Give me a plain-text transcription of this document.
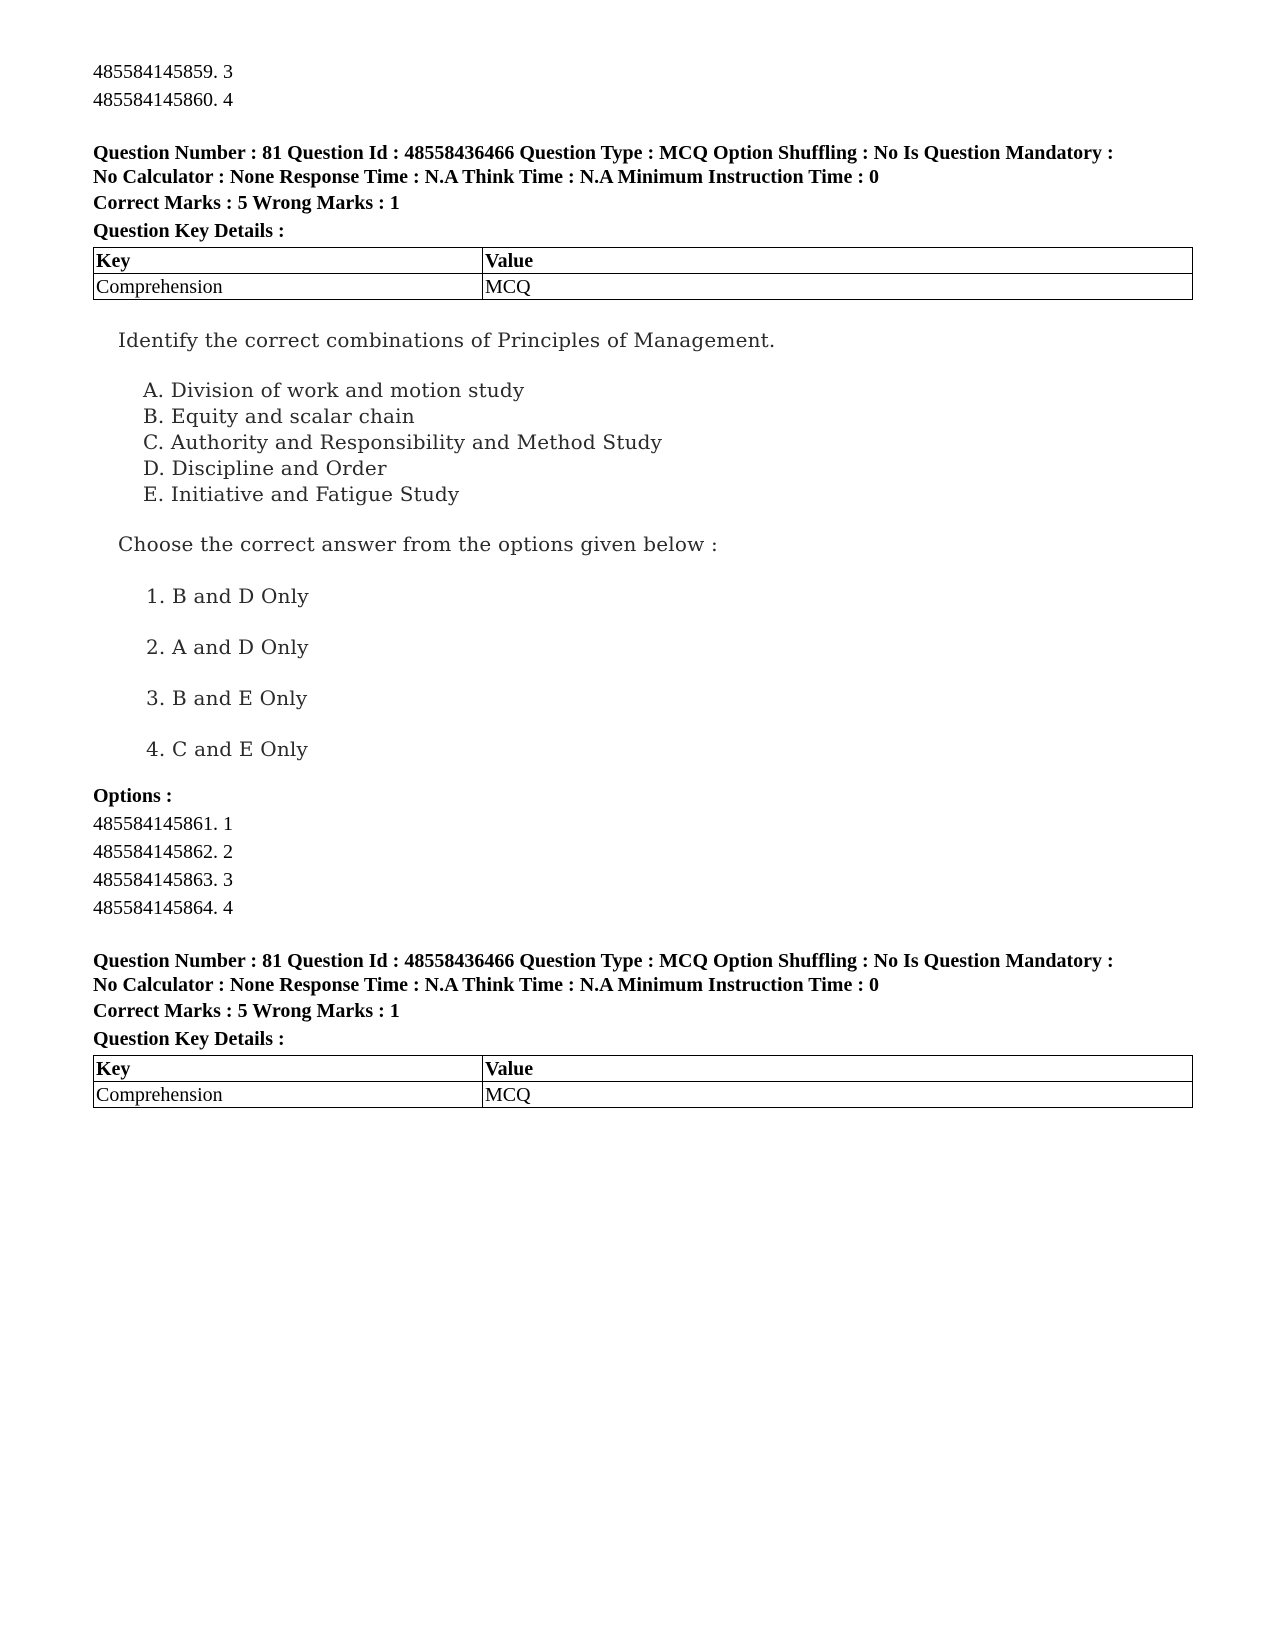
485584145859. 3

485584145860. 4

Question Number : 81 Question Id : 48558436466 Question Type : MCQ Option Shuffling : No Is Question Mandatory :

No Calculator : None Response Time : N.A Think Time : N.A Minimum Instruction Time : 0

Correct Marks : 5 Wrong Marks : 1

Question Key Details :

Key	Value
Comprehension	MCQ
Identify the correct combinations of Principles of Management.
A. Division of work and motion study
B. Equity and scalar chain
C. Authority and Responsibility and Method Study
D. Discipline and Order
E. Initiative and Fatigue Study
Choose the correct answer from the options given below :
1. B and D Only
2. A and D Only
3. B and E Only
4. C and E Only

Options :

485584145861. 1

485584145862. 2

485584145863. 3

485584145864. 4

Question Number : 81 Question Id : 48558436466 Question Type : MCQ Option Shuffling : No Is Question Mandatory :

No Calculator : None Response Time : N.A Think Time : N.A Minimum Instruction Time : 0

Correct Marks : 5 Wrong Marks : 1

Question Key Details :

Key	Value
Comprehension	MCQ
